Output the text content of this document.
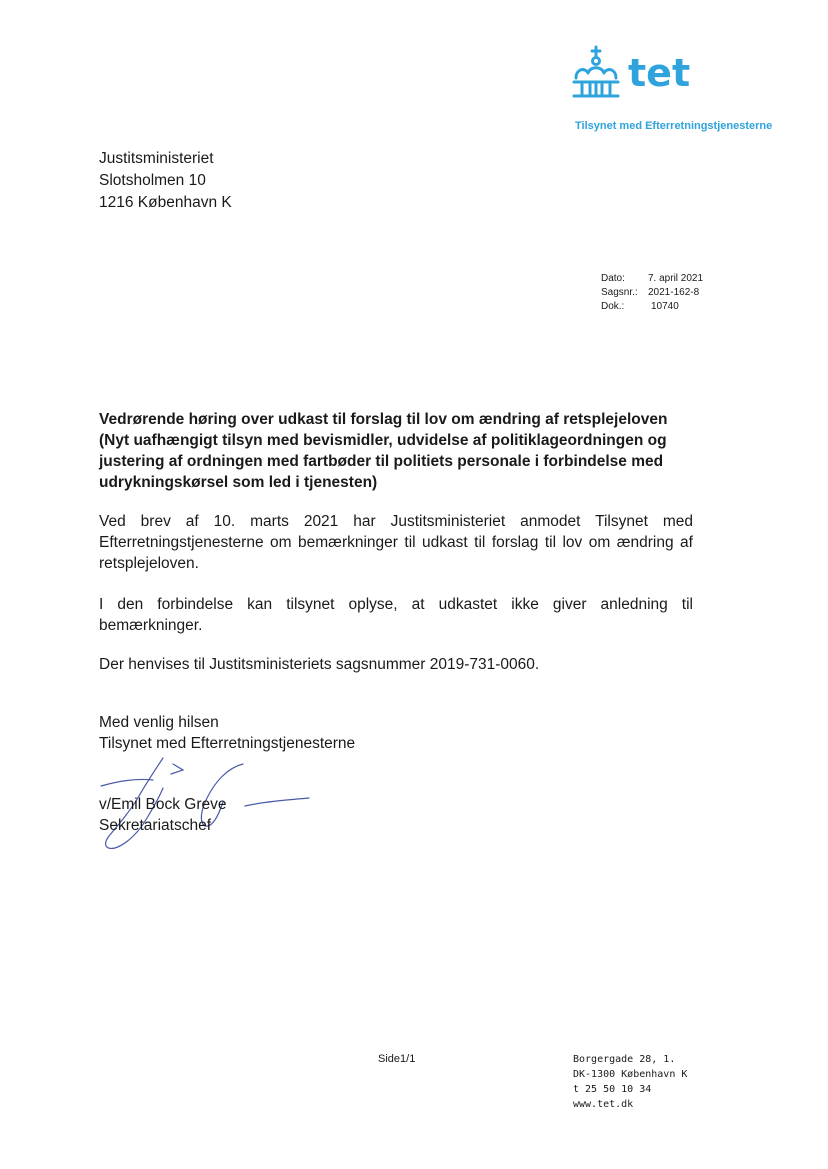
tet
Tilsynet med Efterretningstjenesterne
Justitsministeriet
Slotsholmen 10
1216 København K
Dato:	7. april 2021
Sagsnr.:	2021-162-8
Dok.:	10740
Vedrørende høring over udkast til forslag til lov om ændring af retsplejeloven (Nyt uafhængigt tilsyn med bevismidler, udvidelse af politiklageordningen og justering af ordningen med fartbøder til politiets personale i forbindelse med udrykningskørsel som led i tjenesten)
Ved brev af 10. marts 2021 har Justitsministeriet anmodet Tilsynet med Efterretningstjenesterne om bemærkninger til udkast til forslag til lov om ændring af retsplejeloven.
I den forbindelse kan tilsynet oplyse, at udkastet ikke giver anledning til bemærkninger.
Der henvises til Justitsministeriets sagsnummer 2019-731-0060.
Med venlig hilsen
Tilsynet med Efterretningstjenesterne
v/Emil Bock Greve
Sekretariatschef
Side1/1	Borgergade 28, 1.
DK-1300 København K
t 25 50 10 34
www.tet.dk
